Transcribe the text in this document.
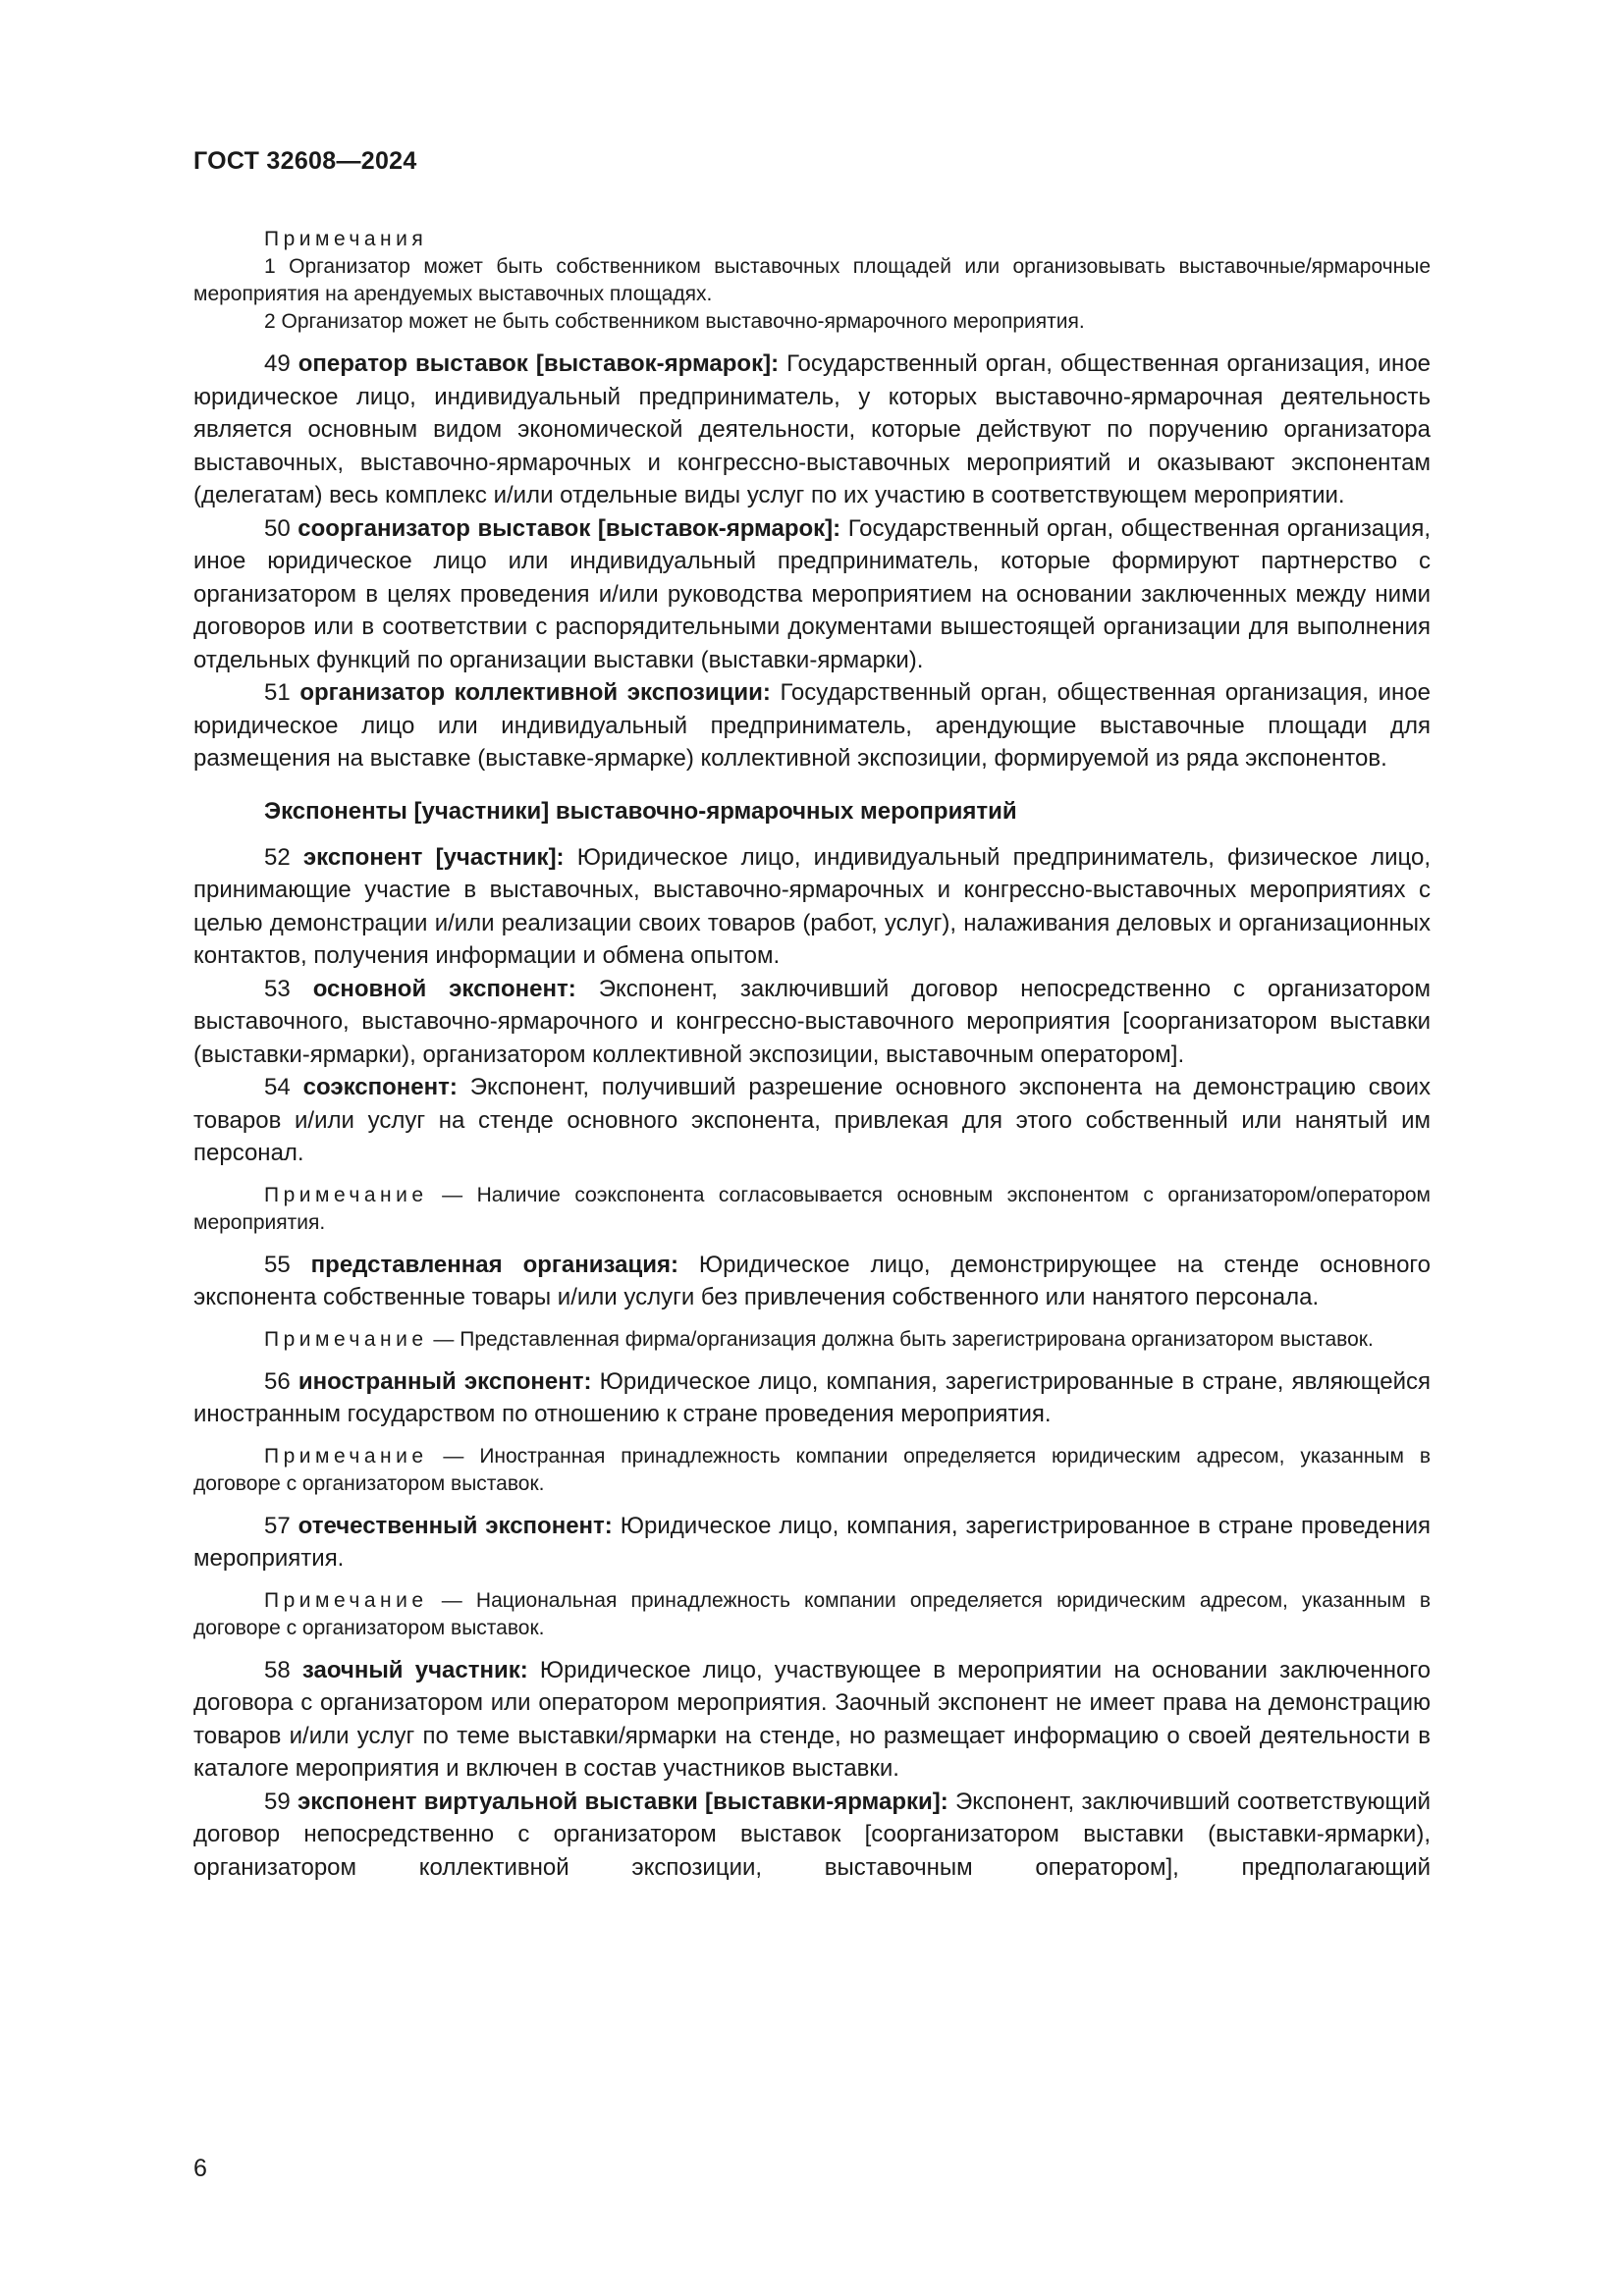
ГОСТ 32608—2024
Примечания
1 Организатор может быть собственником выставочных площадей или организовывать выставочные/ярмарочные мероприятия на арендуемых выставочных площадях.
2 Организатор может не быть собственником выставочно-ярмарочного мероприятия.

49 оператор выставок [выставок-ярмарок]: Государственный орган, общественная организация, иное юридическое лицо, индивидуальный предприниматель, у которых выставочно-ярмарочная деятельность является основным видом экономической деятельности, которые действуют по поручению организатора выставочных, выставочно-ярмарочных и конгрессно-выставочных мероприятий и оказывают экспонентам (делегатам) весь комплекс и/или отдельные виды услуг по их участию в соответствующем мероприятии.

50 соорганизатор выставок [выставок-ярмарок]: Государственный орган, общественная организация, иное юридическое лицо или индивидуальный предприниматель, которые формируют партнерство с организатором в целях проведения и/или руководства мероприятием на основании заключенных между ними договоров или в соответствии с распорядительными документами вышестоящей организации для выполнения отдельных функций по организации выставки (выставки-ярмарки).

51 организатор коллективной экспозиции: Государственный орган, общественная организация, иное юридическое лицо или индивидуальный предприниматель, арендующие выставочные площади для размещения на выставке (выставке-ярмарке) коллективной экспозиции, формируемой из ряда экспонентов.

Экспоненты [участники] выставочно-ярмарочных мероприятий

52 экспонент [участник]: Юридическое лицо, индивидуальный предприниматель, физическое лицо, принимающие участие в выставочных, выставочно-ярмарочных и конгрессно-выставочных мероприятиях с целью демонстрации и/или реализации своих товаров (работ, услуг), налаживания деловых и организационных контактов, получения информации и обмена опытом.

53 основной экспонент: Экспонент, заключивший договор непосредственно с организатором выставочного, выставочно-ярмарочного и конгрессно-выставочного мероприятия [соорганизатором выставки (выставки-ярмарки), организатором коллективной экспозиции, выставочным оператором].

54 соэкспонент: Экспонент, получивший разрешение основного экспонента на демонстрацию своих товаров и/или услуг на стенде основного экспонента, привлекая для этого собственный или нанятый им персонал.

Примечание — Наличие соэкспонента согласовывается основным экспонентом с организатором/оператором мероприятия.

55 представленная организация: Юридическое лицо, демонстрирующее на стенде основного экспонента собственные товары и/или услуги без привлечения собственного или нанятого персонала.

Примечание — Представленная фирма/организация должна быть зарегистрирована организатором выставок.

56 иностранный экспонент: Юридическое лицо, компания, зарегистрированные в стране, являющейся иностранным государством по отношению к стране проведения мероприятия.

Примечание — Иностранная принадлежность компании определяется юридическим адресом, указанным в договоре с организатором выставок.

57 отечественный экспонент: Юридическое лицо, компания, зарегистрированное в стране проведения мероприятия.

Примечание — Национальная принадлежность компании определяется юридическим адресом, указанным в договоре с организатором выставок.

58 заочный участник: Юридическое лицо, участвующее в мероприятии на основании заключенного договора с организатором или оператором мероприятия. Заочный экспонент не имеет права на демонстрацию товаров и/или услуг по теме выставки/ярмарки на стенде, но размещает информацию о своей деятельности в каталоге мероприятия и включен в состав участников выставки.

59 экспонент виртуальной выставки [выставки-ярмарки]: Экспонент, заключивший соответствующий договор непосредственно с организатором выставок [соорганизатором выставки (выставки-ярмарки), организатором коллективной экспозиции, выставочным оператором], предполагающий

6
